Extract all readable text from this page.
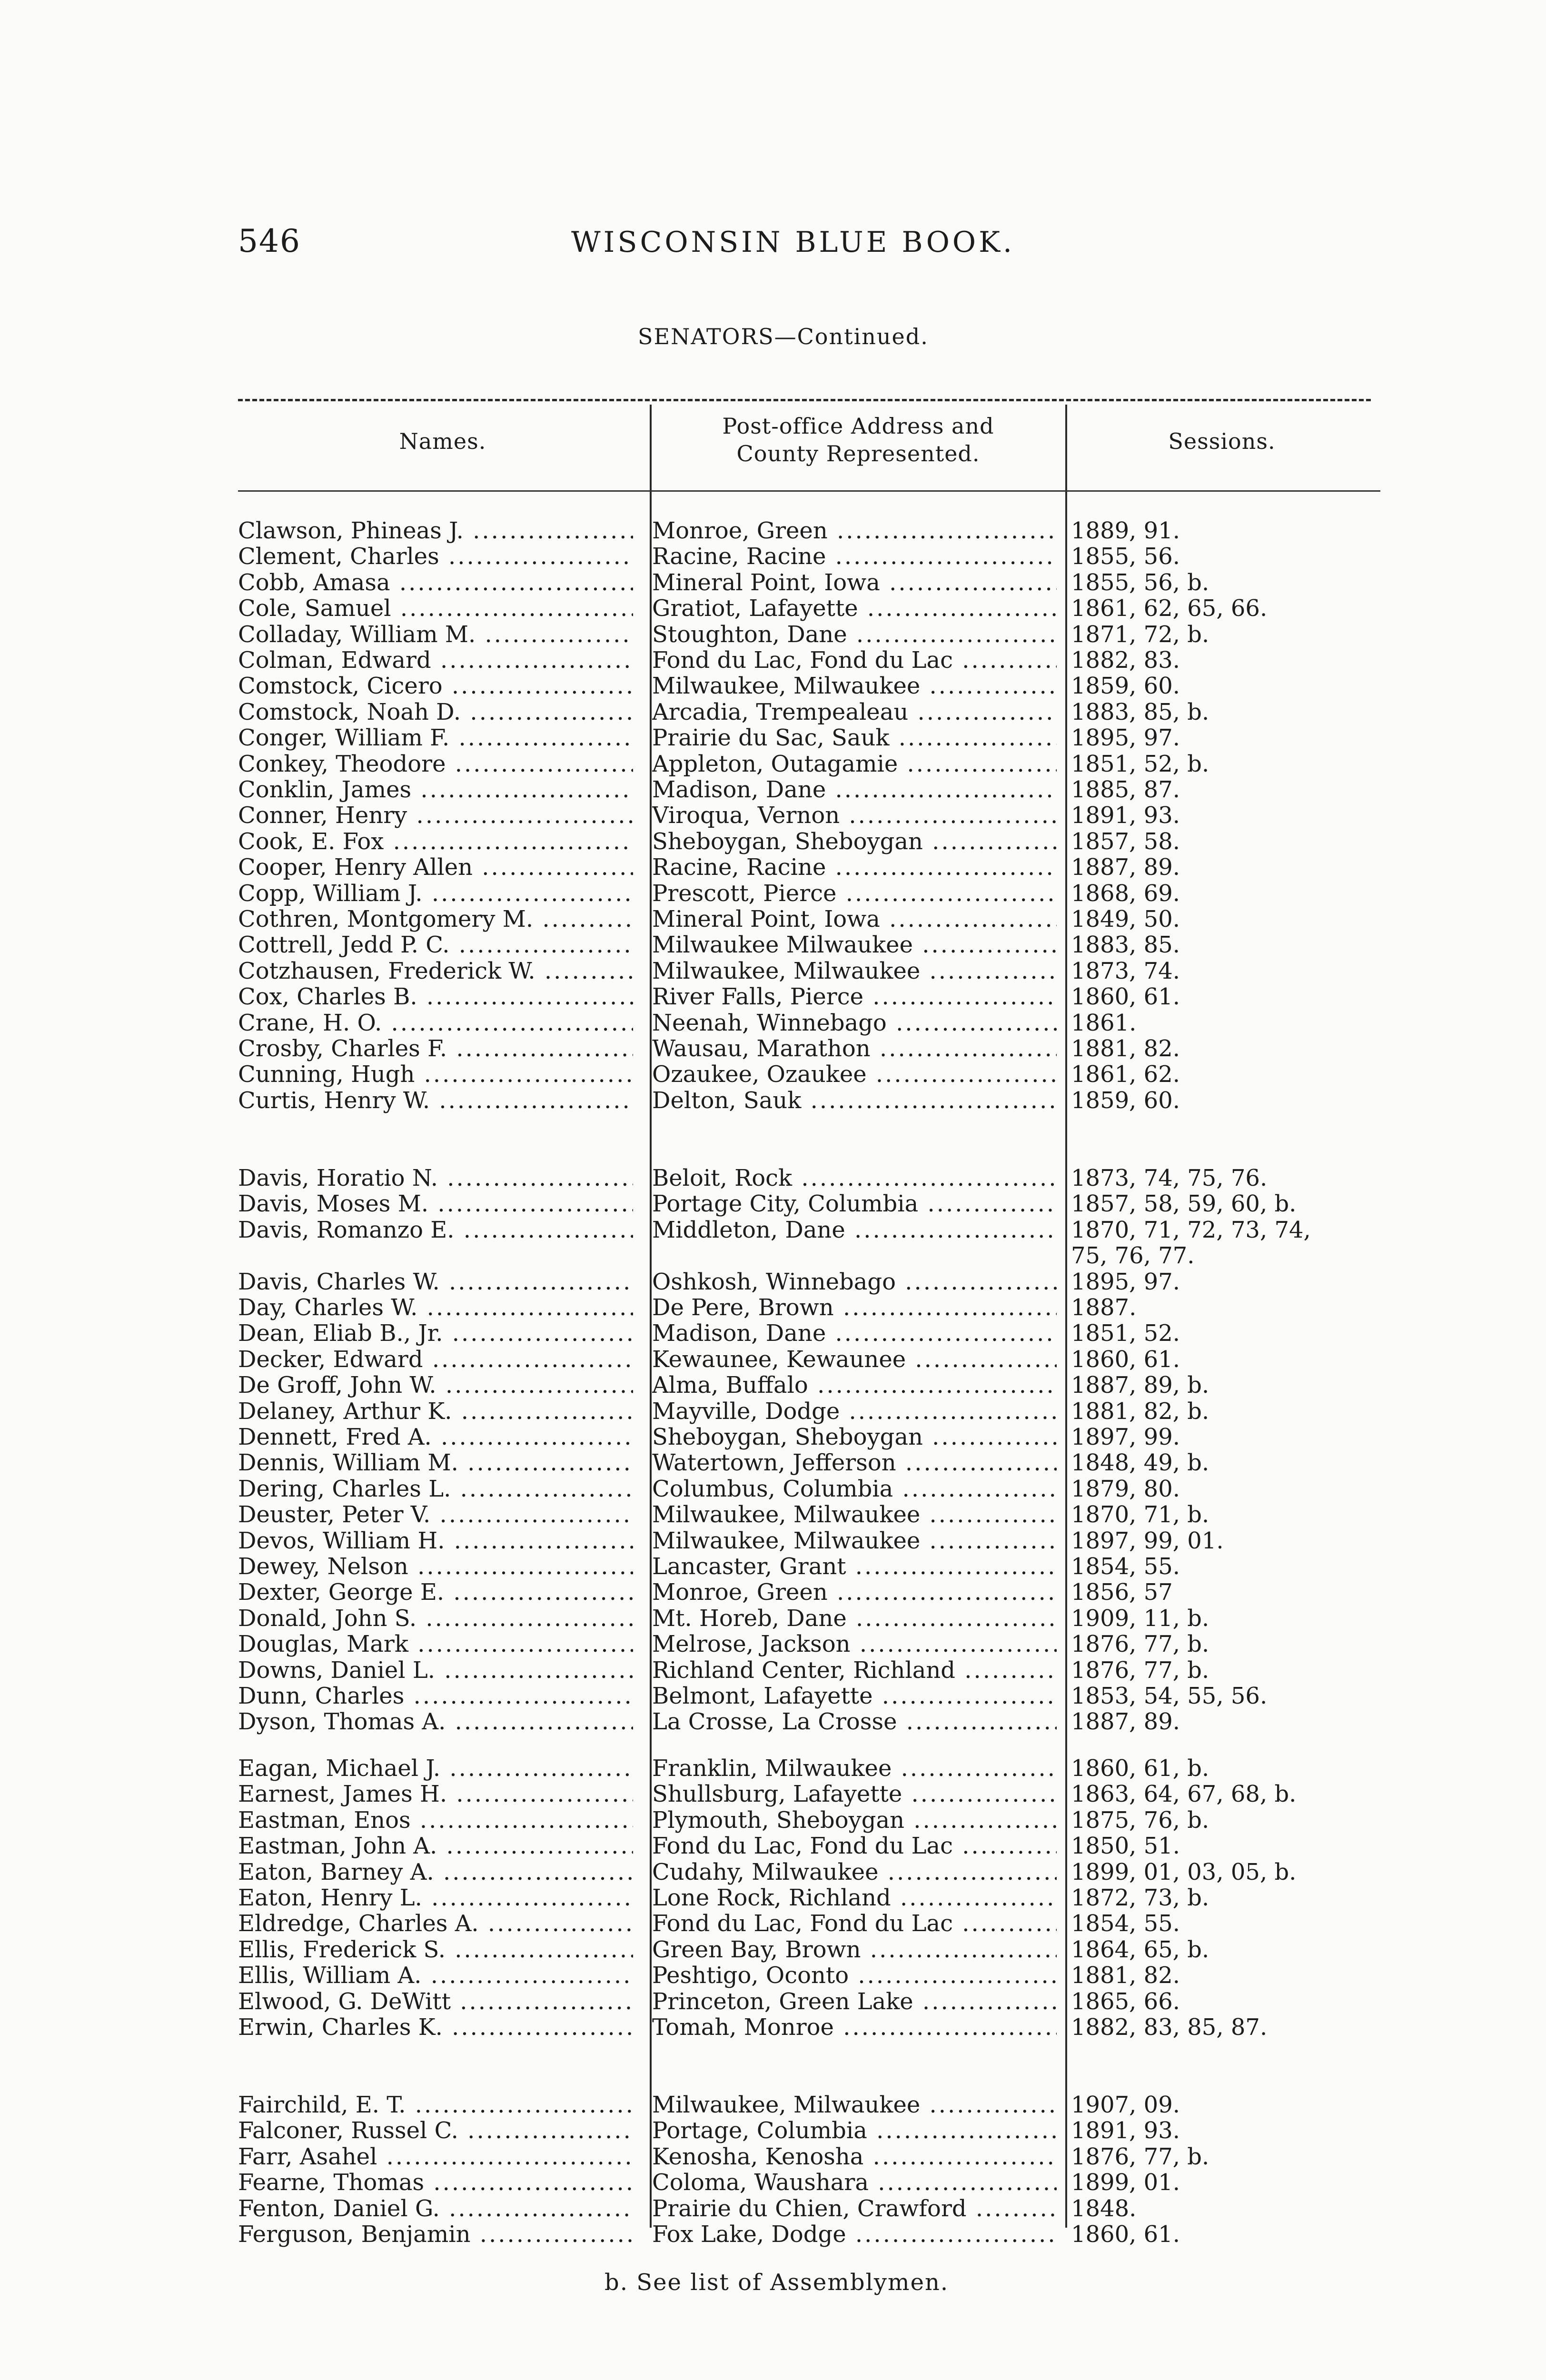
546	WISCONSIN BLUE BOOK.
SENATORS—Continued.
Names.
Post-office Address and
County Represented.	Sessions.
Clawson, Phineas J. .....	Monroe, Green .....	1889, 91.
Clement, Charles .....	Racine, Racine .....	1855, 56.
Cobb, Amasa .....	Mineral Point, Iowa .....	1855, 56, b.
Cole, Samuel .....	Gratiot, Lafayette .....	1861, 62, 65, 66.
Colladay, William M. .....	Stoughton, Dane .....	1871, 72, b.
Colman, Edward .....	Fond du Lac, Fond du Lac .....	1882, 83.
Comstock, Cicero .....	Milwaukee, Milwaukee .....	1859, 60.
Comstock, Noah D. .....	Arcadia, Trempealeau .....	1883, 85, b.
Conger, William F. .....	Prairie du Sac, Sauk .....	1895, 97.
Conkey, Theodore .....	Appleton, Outagamie .....	1851, 52, b.
Conklin, James .....	Madison, Dane .....	1885, 87.
Conner, Henry .....	Viroqua, Vernon .....	1891, 93.
Cook, E. Fox .....	Sheboygan, Sheboygan .....	1857, 58.
Cooper, Henry Allen .....	Racine, Racine .....	1887, 89.
Copp, William J. .....	Prescott, Pierce .....	1868, 69.
Cothren, Montgomery M. .....	Mineral Point, Iowa .....	1849, 50.
Cottrell, Jedd P. C. .....	Milwaukee Milwaukee .....	1883, 85.
Cotzhausen, Frederick W. .....	Milwaukee, Milwaukee .....	1873, 74.
Cox, Charles B. .....	River Falls, Pierce .....	1860, 61.
Crane, H. O. .....	Neenah, Winnebago .....	1861.
Crosby, Charles F. .....	Wausau, Marathon .....	1881, 82.
Cunning, Hugh .....	Ozaukee, Ozaukee .....	1861, 62.
Curtis, Henry W. .....	Delton, Sauk .....	1859, 60.
Davis, Horatio N. .....	Beloit, Rock .....	1873, 74, 75, 76.
Davis, Moses M. .....	Portage City, Columbia .....	1857, 58, 59, 60, b.
Davis, Romanzo E. .....	Middleton, Dane .....	1870, 71, 72, 73, 74,
75, 76, 77.
Davis, Charles W. .....	Oshkosh, Winnebago .....	1895, 97.
Day, Charles W. .....	De Pere, Brown .....	1887.
Dean, Eliab B., Jr. .....	Madison, Dane .....	1851, 52.
Decker, Edward .....	Kewaunee, Kewaunee .....	1860, 61.
De Groff, John W. .....	Alma, Buffalo .....	1887, 89, b.
Delaney, Arthur K. .....	Mayville, Dodge .....	1881, 82, b.
Dennett, Fred A. .....	Sheboygan, Sheboygan .....	1897, 99.
Dennis, William M. .....	Watertown, Jefferson .....	1848, 49, b.
Dering, Charles L. .....	Columbus, Columbia .....	1879, 80.
Deuster, Peter V. .....	Milwaukee, Milwaukee .....	1870, 71, b.
Devos, William H. .....	Milwaukee, Milwaukee .....	1897, 99, 01.
Dewey, Nelson .....	Lancaster, Grant .....	1854, 55.
Dexter, George E. .....	Monroe, Green .....	1856, 57
Donald, John S. .....	Mt. Horeb, Dane .....	1909, 11, b.
Douglas, Mark .....	Melrose, Jackson .....	1876, 77, b.
Downs, Daniel L. .....	Richland Center, Richland .....	1876, 77, b.
Dunn, Charles .....	Belmont, Lafayette .....	1853, 54, 55, 56.
Dyson, Thomas A. .....	La Crosse, La Crosse .....	1887, 89.
Eagan, Michael J. .....	Franklin, Milwaukee .....	1860, 61, b.
Earnest, James H. .....	Shullsburg, Lafayette .....	1863, 64, 67, 68, b.
Eastman, Enos .....	Plymouth, Sheboygan .....	1875, 76, b.
Eastman, John A. .....	Fond du Lac, Fond du Lac .....	1850, 51.
Eaton, Barney A. .....	Cudahy, Milwaukee .....	1899, 01, 03, 05, b.
Eaton, Henry L. .....	Lone Rock, Richland .....	1872, 73, b.
Eldredge, Charles A. .....	Fond du Lac, Fond du Lac .....	1854, 55.
Ellis, Frederick S. .....	Green Bay, Brown .....	1864, 65, b.
Ellis, William A. .....	Peshtigo, Oconto .....	1881, 82.
Elwood, G. DeWitt .....	Princeton, Green Lake .....	1865, 66.
Erwin, Charles K. .....	Tomah, Monroe .....	1882, 83, 85, 87.
Fairchild, E. T. .....	Milwaukee, Milwaukee .....	1907, 09.
Falconer, Russel C. .....	Portage, Columbia .....	1891, 93.
Farr, Asahel .....	Kenosha, Kenosha .....	1876, 77, b.
Fearne, Thomas .....	Coloma, Waushara .....	1899, 01.
Fenton, Daniel G. .....	Prairie du Chien, Crawford .....	1848.
Ferguson, Benjamin .....	Fox Lake, Dodge .....	1860, 61.
b. See list of Assemblymen.
